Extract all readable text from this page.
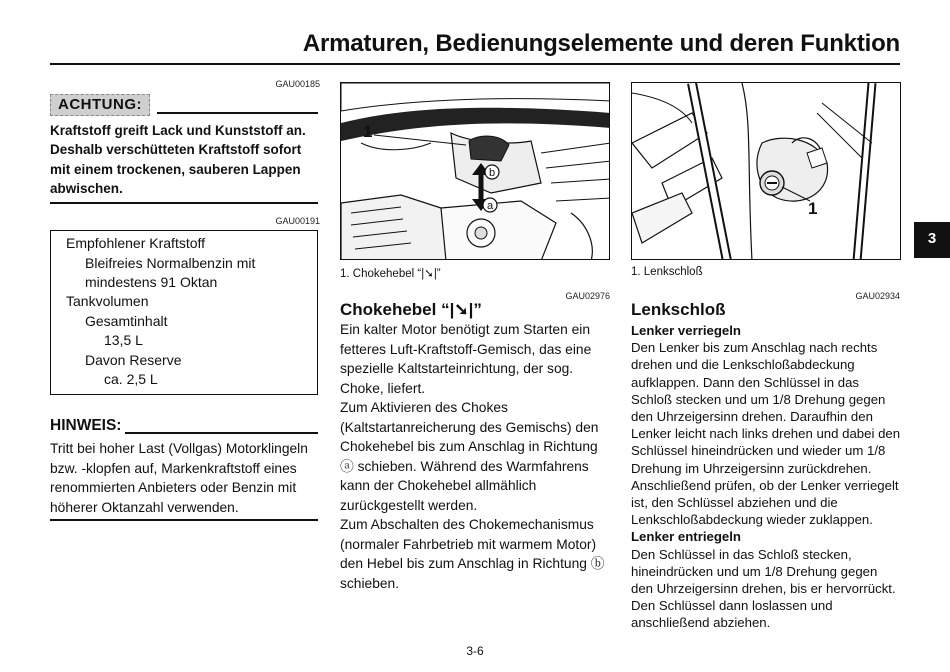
Armaturen, Bedienungselemente und deren Funktion
GAU00185
ACHTUNG:
Kraftstoff greift Lack und Kunststoff an. Deshalb verschütteten Kraftstoff sofort mit einem trockenen, sauberen Lappen abwischen.
GAU00191
Empfohlener Kraftstoff
Bleifreies Normalbenzin mit
mindestens 91 Oktan
Tankvolumen
Gesamtinhalt
13,5 L
Davon Reserve
ca. 2,5 L
HINWEIS:
Tritt bei hoher Last (Vollgas) Motorklingeln bzw. -klopfen auf, Markenkraftstoff eines renommierten Anbieters oder Benzin mit höherer Oktanzahl verwenden.
1
b
a
1. Chokehebel “|➘|”
GAU02976
Chokehebel “|➘|”

Ein kalter Motor benötigt zum Starten ein fetteres Luft-Kraftstoff-Gemisch, das eine spezielle Kaltstarteinrichtung, der sog. Choke, liefert.

Zum Aktivieren des Chokes (Kaltstartanreicherung des Gemischs) den Chokehebel bis zum Anschlag in Richtung ⓐ schieben. Während des Warmfahrens kann der Chokehebel allmählich zurückgestellt werden.

Zum Abschalten des Chokemechanismus (normaler Fahrbetrieb mit warmem Motor) den Hebel bis zum Anschlag in Richtung ⓑ schieben.

1
1. Lenkschloß
GAU02934
Lenkschloß

Lenker verriegeln

Den Lenker bis zum Anschlag nach rechts drehen und die Lenkschloßabdeckung aufklappen. Dann den Schlüssel in das Schloß stecken und um 1/8 Drehung gegen den Uhrzeigersinn drehen. Daraufhin den Lenker leicht nach links drehen und dabei den Schlüssel hineindrücken und wieder um 1/8 Drehung im Uhrzeigersinn zurückdrehen. Anschließend prüfen, ob der Lenker verriegelt ist, den Schlüssel abziehen und die Lenkschloßabdeckung wieder zuklappen.

Lenker entriegeln

Den Schlüssel in das Schloß stecken, hineindrücken und um 1/8 Drehung gegen den Uhrzeigersinn drehen, bis er hervorrückt. Den Schlüssel dann loslassen und anschließend abziehen.

3
3-6
